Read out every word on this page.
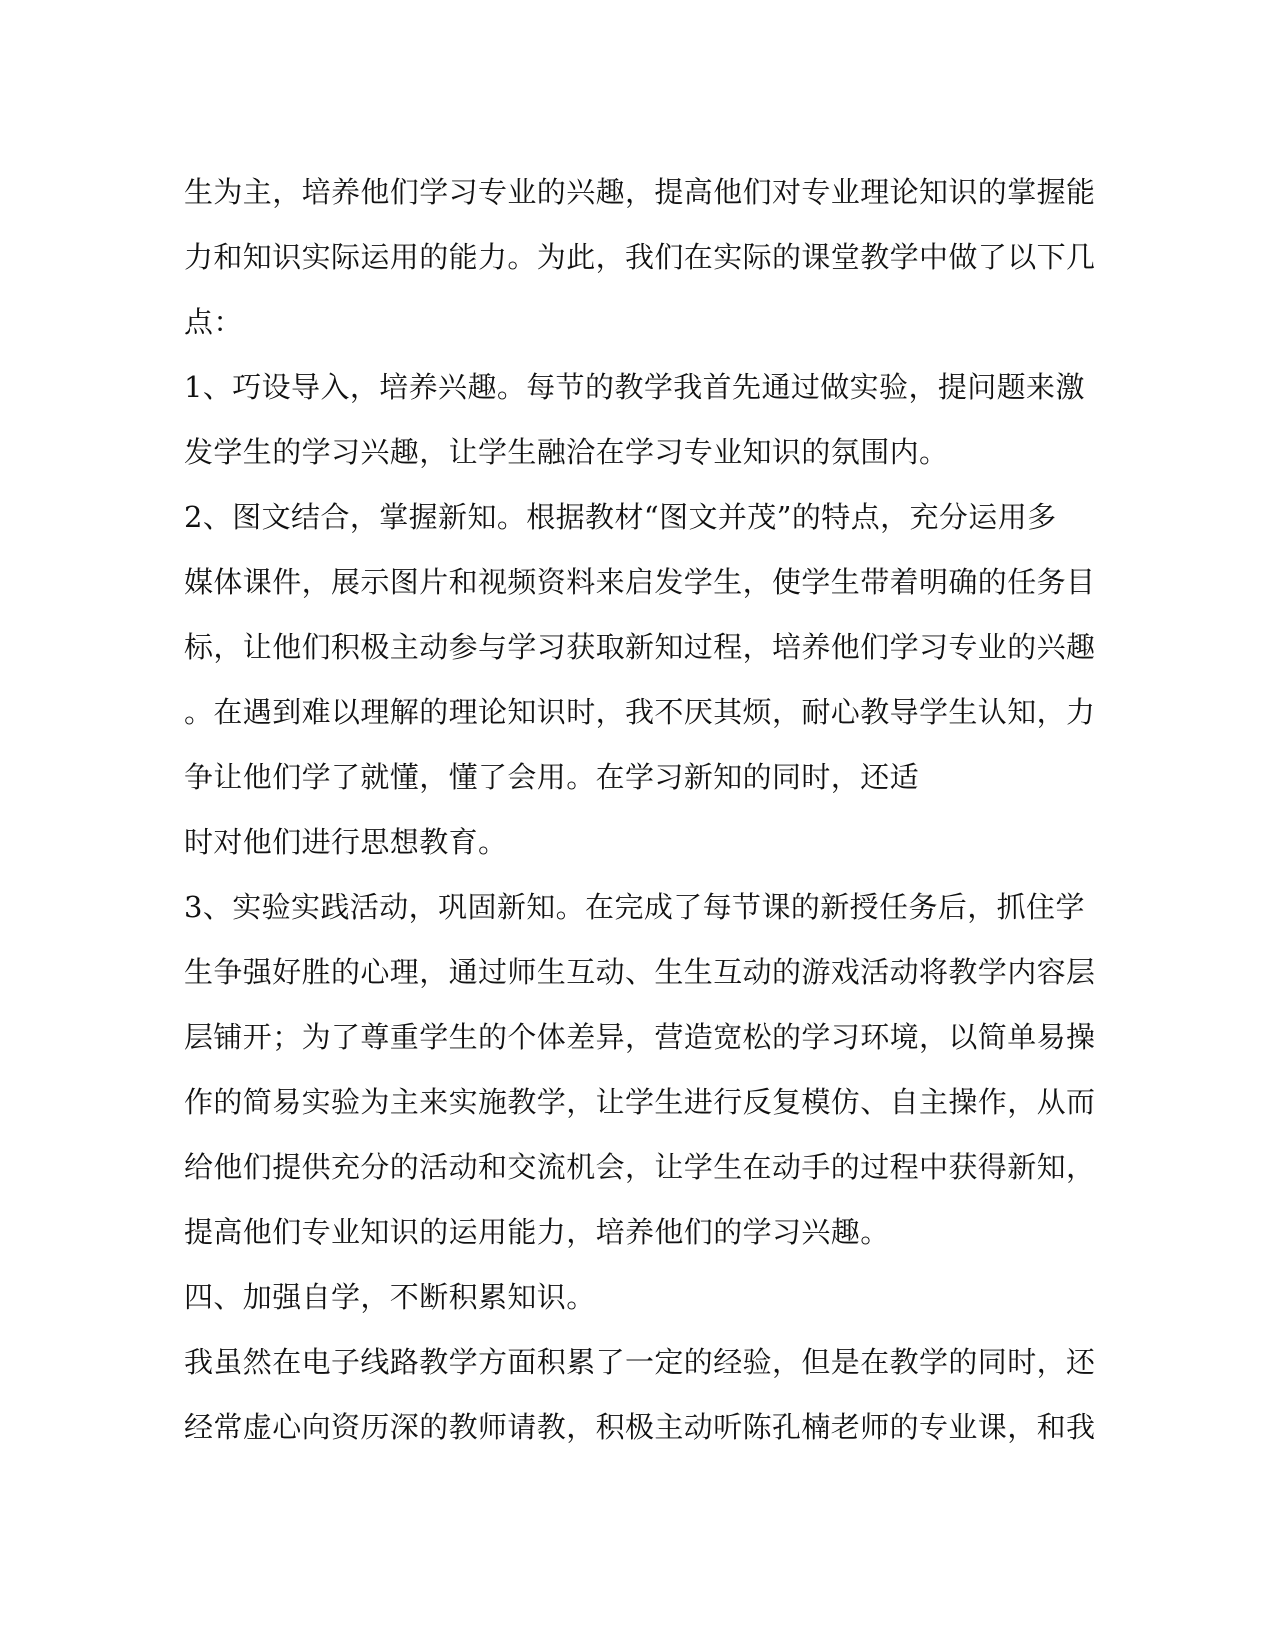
生为主，培养他们学习专业的兴趣，提高他们对专业理论知识的掌握能
力和知识实际运用的能力。为此，我们在实际的课堂教学中做了以下几
点：
1、巧设导入，培养兴趣。每节的教学我首先通过做实验，提问题来激
发学生的学习兴趣，让学生融洽在学习专业知识的氛围内。
2、图文结合，掌握新知。根据教材“图文并茂”的特点，充分运用多
媒体课件，展示图片和视频资料来启发学生，使学生带着明确的任务目
标，让他们积极主动参与学习获取新知过程，培养他们学习专业的兴趣
。在遇到难以理解的理论知识时，我不厌其烦，耐心教导学生认知，力
争让他们学了就懂，懂了会用。在学习新知的同时，还适
时对他们进行思想教育。
3、实验实践活动，巩固新知。在完成了每节课的新授任务后，抓住学
生争强好胜的心理，通过师生互动、生生互动的游戏活动将教学内容层
层铺开；为了尊重学生的个体差异，营造宽松的学习环境，以简单易操
作的简易实验为主来实施教学，让学生进行反复模仿、自主操作，从而
给他们提供充分的活动和交流机会，让学生在动手的过程中获得新知，
提高他们专业知识的运用能力，培养他们的学习兴趣。
四、加强自学，不断积累知识。
我虽然在电子线路教学方面积累了一定的经验，但是在教学的同时，还
经常虚心向资历深的教师请教，积极主动听陈孔楠老师的专业课，和我
